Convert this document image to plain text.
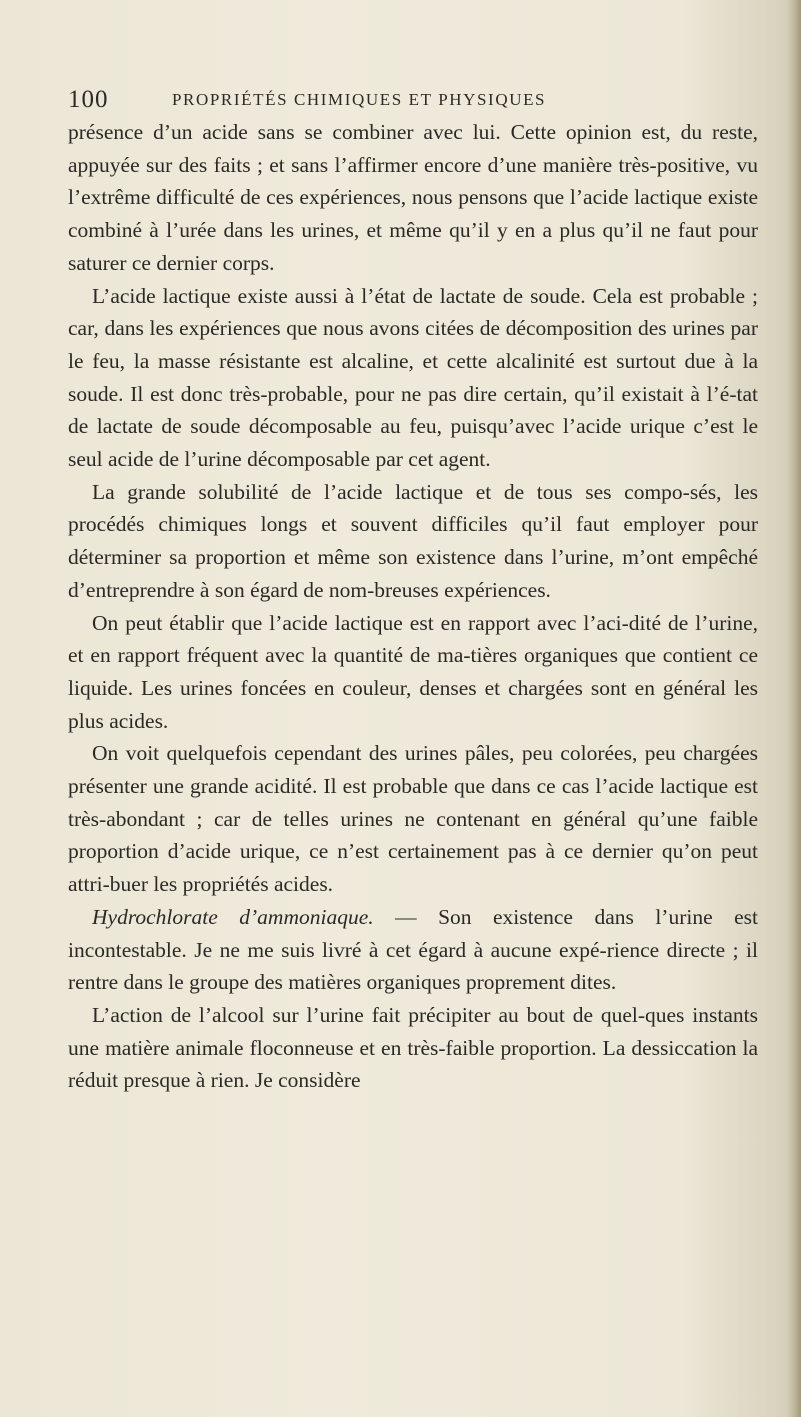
100	PROPRIÉTÉS CHIMIQUES ET PHYSIQUES

présence d’un acide sans se combiner avec lui. Cette opinion est, du reste, appuyée sur des faits ; et sans l’affirmer encore d’une manière très-positive, vu l’extrême difficulté de ces expériences, nous pensons que l’acide lactique existe combiné à l’urée dans les urines, et même qu’il y en a plus qu’il ne faut pour saturer ce dernier corps.

L’acide lactique existe aussi à l’état de lactate de soude. Cela est probable ; car, dans les expériences que nous avons citées de décomposition des urines par le feu, la masse résistante est alcaline, et cette alcalinité est surtout due à la soude. Il est donc très-probable, pour ne pas dire certain, qu’il existait à l’é-tat de lactate de soude décomposable au feu, puisqu’avec l’acide urique c’est le seul acide de l’urine décomposable par cet agent.

La grande solubilité de l’acide lactique et de tous ses compo-sés, les procédés chimiques longs et souvent difficiles qu’il faut employer pour déterminer sa proportion et même son existence dans l’urine, m’ont empêché d’entreprendre à son égard de nom-breuses expériences.

On peut établir que l’acide lactique est en rapport avec l’aci-dité de l’urine, et en rapport fréquent avec la quantité de ma-tières organiques que contient ce liquide. Les urines foncées en couleur, denses et chargées sont en général les plus acides.

On voit quelquefois cependant des urines pâles, peu colorées, peu chargées présenter une grande acidité. Il est probable que dans ce cas l’acide lactique est très-abondant ; car de telles urines ne contenant en général qu’une faible proportion d’acide urique, ce n’est certainement pas à ce dernier qu’on peut attri-buer les propriétés acides.

Hydrochlorate d’ammoniaque. — Son existence dans l’urine est incontestable. Je ne me suis livré à cet égard à aucune expé-rience directe ; il rentre dans le groupe des matières organiques proprement dites.

L’action de l’alcool sur l’urine fait précipiter au bout de quel-ques instants une matière animale floconneuse et en très-faible proportion. La dessiccation la réduit presque à rien. Je considère
